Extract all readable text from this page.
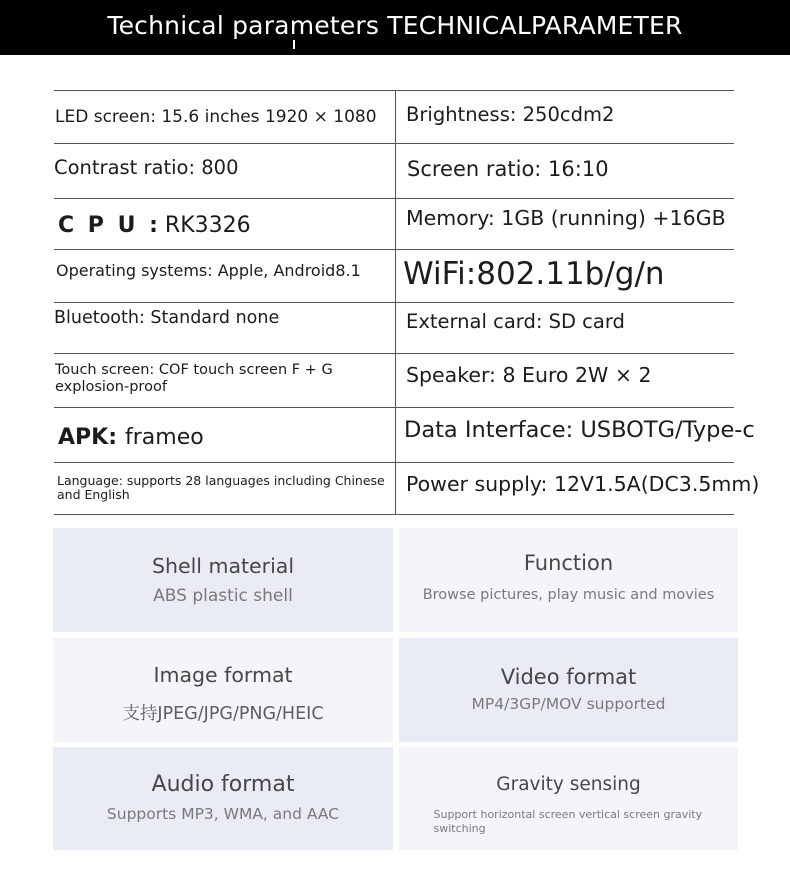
Technical parameters TECHNICALPARAMETER
LED screen: 15.6 inches 1920 × 1080	Brightness: 250cdm2
Contrast ratio: 800	Screen ratio: 16:10
C P U : RK3326	Memory: 1GB (running) +16GB
Operating systems: Apple, Android8.1	WiFi:802.11b/g/n
Bluetooth: Standard none	External card: SD card
Touch screen: COF touch screen F + G explosion-proof	Speaker: 8 Euro 2W × 2
APK: frameo	Data Interface: USBOTG/Type-c
Language: supports 28 languages including Chinese and English	Power supply: 12V1.5A(DC3.5mm)
Shell material
ABS plastic shell
Function
Browse pictures, play music and movies
Image format
支持JPEG/JPG/PNG/HEIC
Video format
MP4/3GP/MOV supported
Audio format
Supports MP3, WMA, and AAC
Gravity sensing
Support horizontal screen vertical screen gravity switching
